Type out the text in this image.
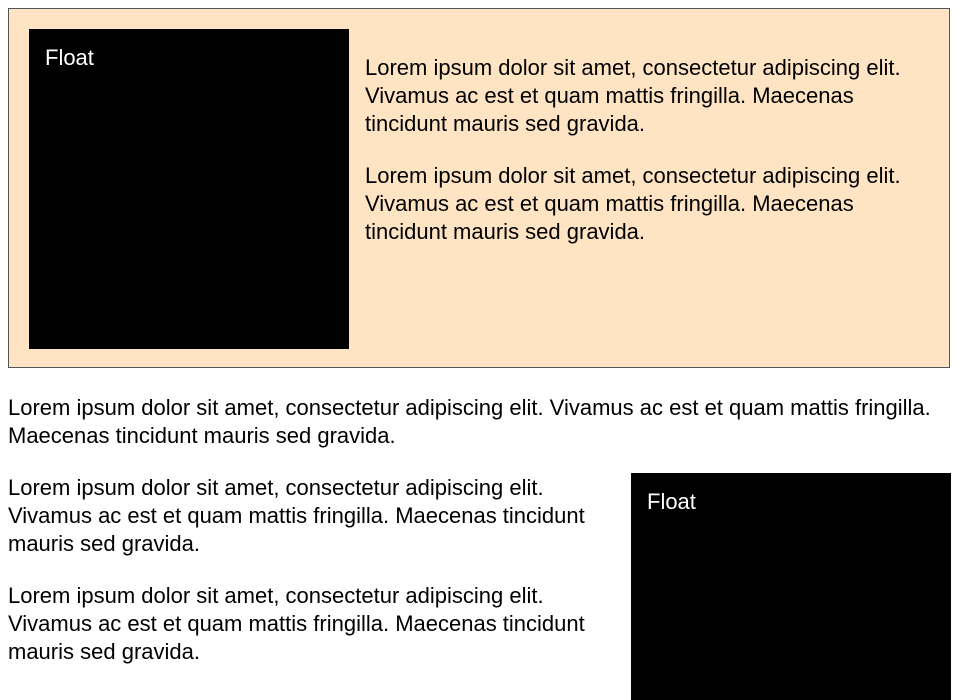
Float	Lorem ipsum dolor sit amet, consectetur adipiscing elit. Vivamus ac est et quam mattis fringilla. Maecenas tincidunt mauris sed gravida.

Lorem ipsum dolor sit amet, consectetur adipiscing elit. Vivamus ac est et quam mattis fringilla. Maecenas tincidunt mauris sed gravida.

Lorem ipsum dolor sit amet, consectetur adipiscing elit. Vivamus ac est et quam mattis fringilla. Maecenas tincidunt mauris sed gravida.

Lorem ipsum dolor sit amet, consectetur adipiscing elit. Vivamus ac est et quam mattis fringilla. Maecenas tincidunt mauris sed gravida.

Lorem ipsum dolor sit amet, consectetur adipiscing elit. Vivamus ac est et quam mattis fringilla. Maecenas tincidunt mauris sed gravida.

Float
